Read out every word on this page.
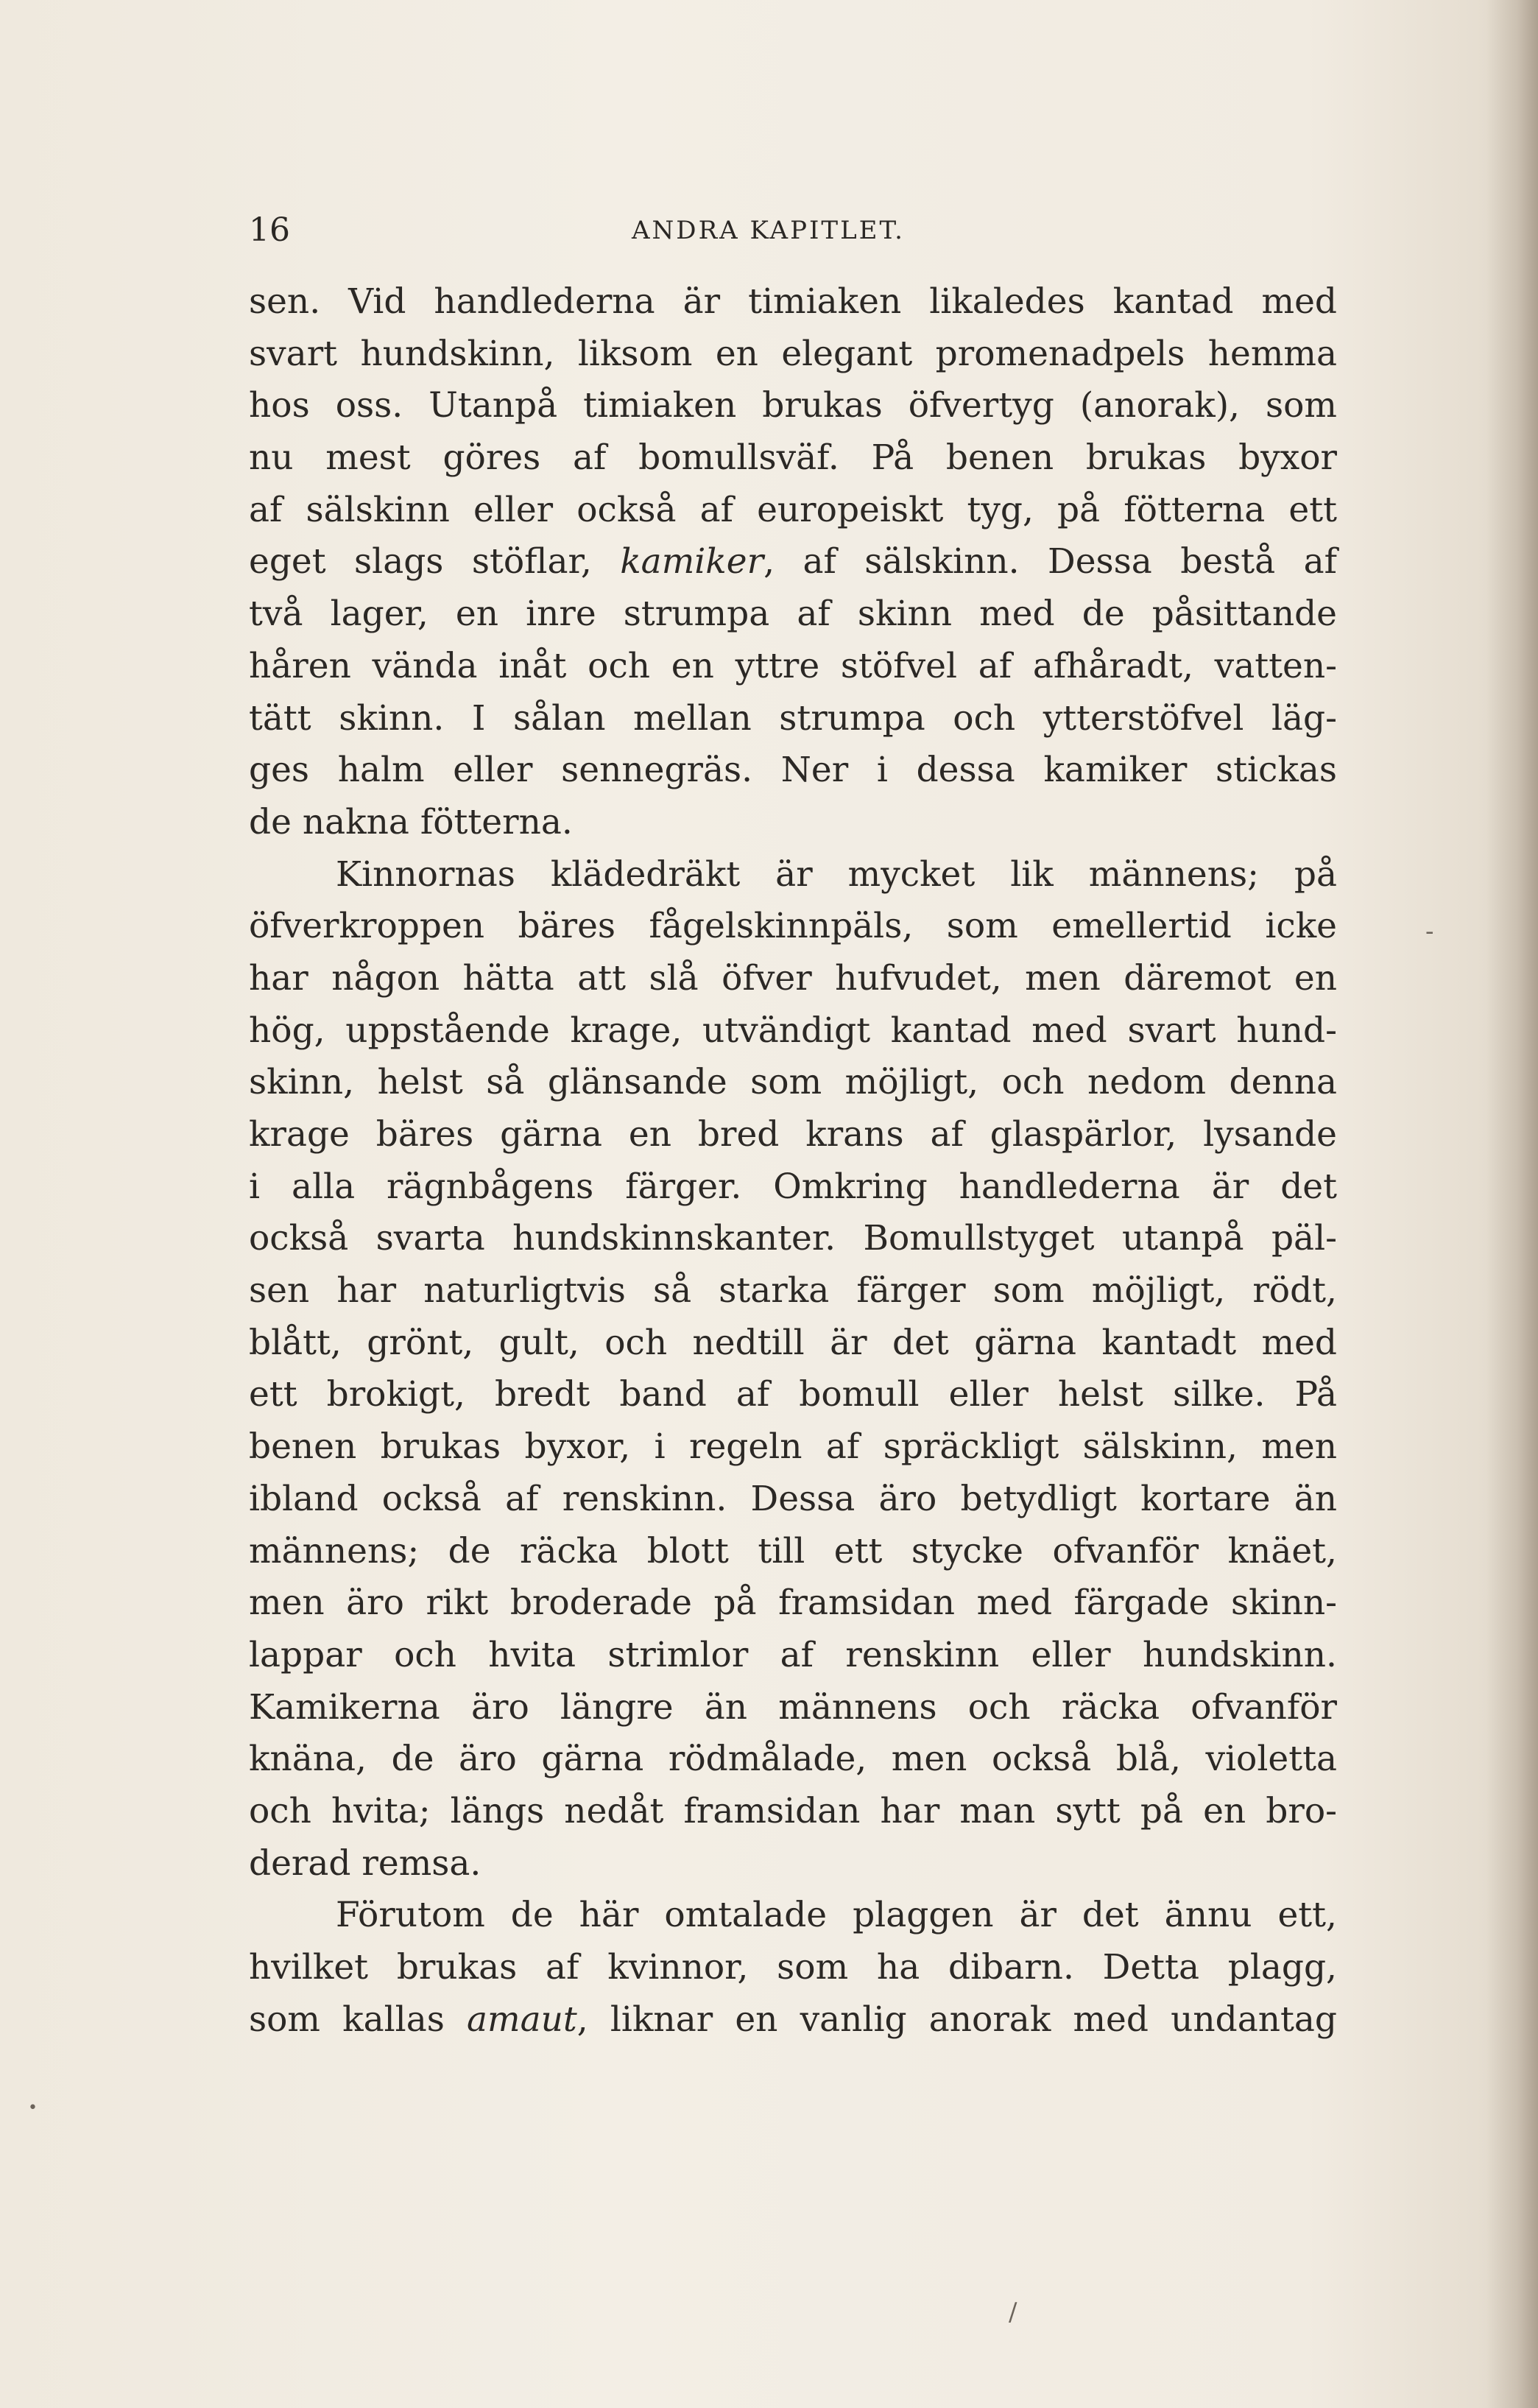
16	ANDRA KAPITLET.
sen. Vid handlederna är timiaken likaledes kantad med
svart hundskinn, liksom en elegant promenadpels hemma
hos oss. Utanpå timiaken brukas öfvertyg (anorak), som
nu mest göres af bomullsväf. På benen brukas byxor
af sälskinn eller också af europeiskt tyg, på fötterna ett
eget slags stöflar, kamiker, af sälskinn. Dessa bestå af
två lager, en inre strumpa af skinn med de påsittande
håren vända inåt och en yttre stöfvel af afhåradt, vatten-
tätt skinn. I sålan mellan strumpa och ytterstöfvel läg-
ges halm eller sennegräs. Ner i dessa kamiker stickas
de nakna fötterna.
Kinnornas klädedräkt är mycket lik männens; på
öfverkroppen bäres fågelskinnpäls, som emellertid icke
har någon hätta att slå öfver hufvudet, men däremot en
hög, uppstående krage, utvändigt kantad med svart hund-
skinn, helst så glänsande som möjligt, och nedom denna
krage bäres gärna en bred krans af glaspärlor, lysande
i alla rägnbågens färger. Omkring handlederna är det
också svarta hundskinnskanter. Bomullstyget utanpå päl-
sen har naturligtvis så starka färger som möjligt, rödt,
blått, grönt, gult, och nedtill är det gärna kantadt med
ett brokigt, bredt band af bomull eller helst silke. På
benen brukas byxor, i regeln af spräckligt sälskinn, men
ibland också af renskinn. Dessa äro betydligt kortare än
männens; de räcka blott till ett stycke ofvanför knäet,
men äro rikt broderade på framsidan med färgade skinn-
lappar och hvita strimlor af renskinn eller hundskinn.
Kamikerna äro längre än männens och räcka ofvanför
knäna, de äro gärna rödmålade, men också blå, violetta
och hvita; längs nedåt framsidan har man sytt på en bro-
derad remsa.
Förutom de här omtalade plaggen är det ännu ett,
hvilket brukas af kvinnor, som ha dibarn. Detta plagg,
som kallas amaut, liknar en vanlig anorak med undantag
-
/
•
